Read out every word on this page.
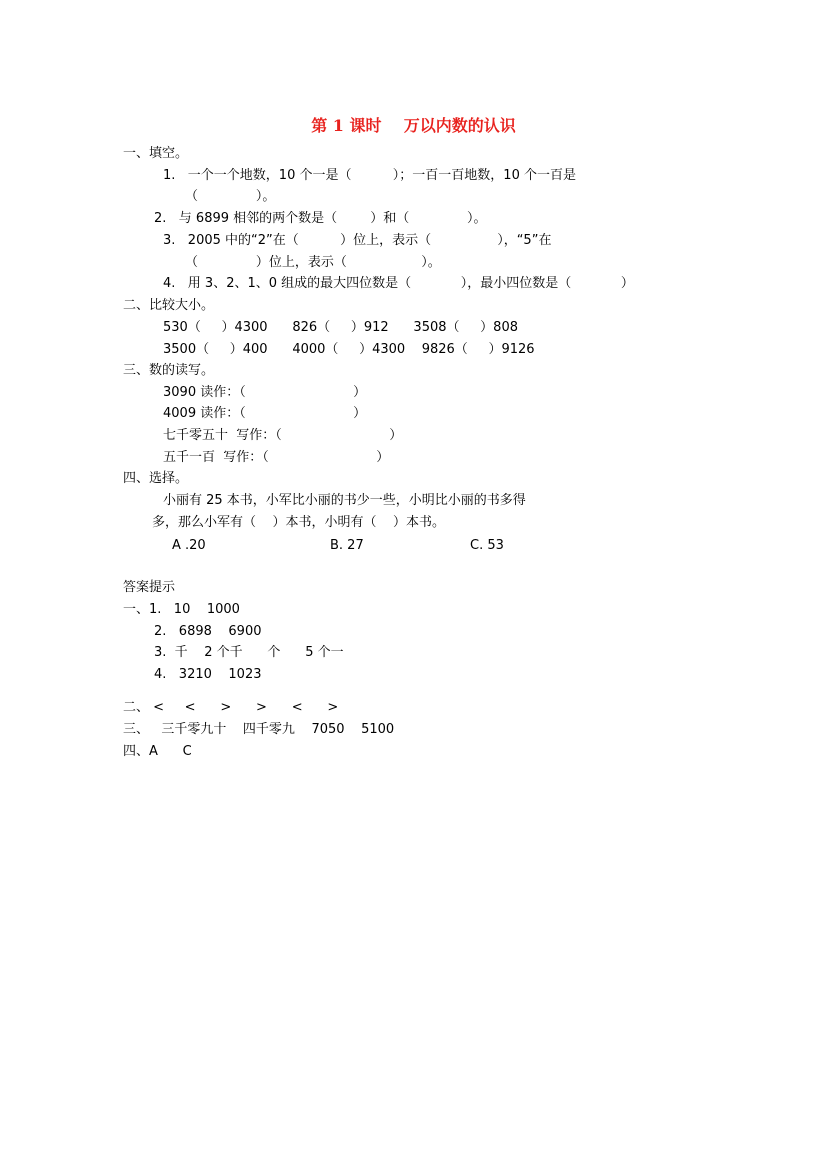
第 1 课时    万以内数的认识
一、填空。
1.   一个一个地数，10 个一是（          ）；一百一百地数，10 个一百是
（              ）。
2.   与 6899 相邻的两个数是（        ）和（              ）。
3.   2005 中的“2”在（          ）位上，表示（                ），“5”在
（              ）位上，表示（                  ）。
4.   用 3、2、1、0 组成的最大四位数是（            ），最小四位数是（            ）
二、比较大小。
530（     ）4300      826（     ）912      3508（     ）808
3500（     ）400      4000（     ）4300    9826（     ）9126
三、数的读写。
3090 读作：（                          ）
4009 读作：（                          ）
七千零五十  写作：（                          ）
五千一百  写作：（                          ）
四、选择。
小丽有 25 本书，小军比小丽的书少一些，小明比小丽的书多得
多，那么小军有（    ）本书，小明有（    ）本书。
A .20	B. 27	C. 53
答案提示
一、1.   10    1000
2.   6898    6900
3.  千    2 个千      个      5 个一
4.   3210    1023
二、 <     <      >      >      <      >
三、   三千零九十    四千零九    7050    5100
四、A      C
